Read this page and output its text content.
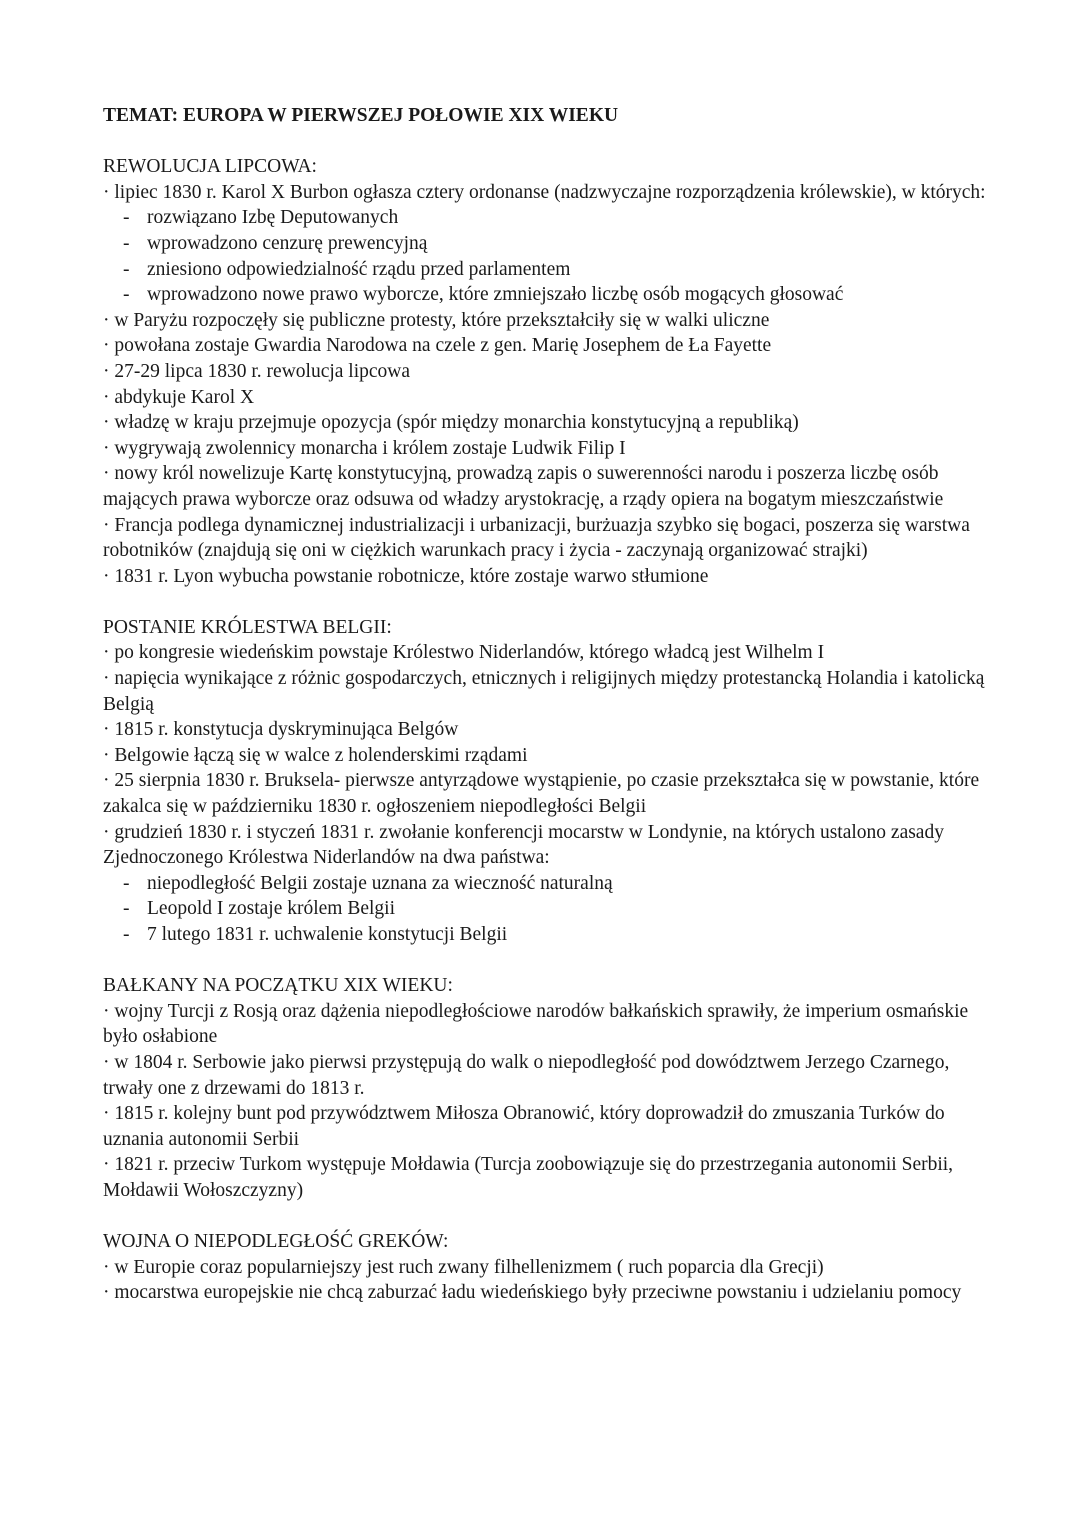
TEMAT: EUROPA W PIERWSZEJ POŁOWIE XIX WIEKU

REWOLUCJA LIPCOWA:

· lipiec 1830 r. Karol X Burbon ogłasza cztery ordonanse (nadzwyczajne rozporządzenia królewskie), w których:

- rozwiązano Izbę Deputowanych

- wprowadzono cenzurę prewencyjną

- zniesiono odpowiedzialność rządu przed parlamentem

- wprowadzono nowe prawo wyborcze, które zmniejszało liczbę osób mogących głosować

· w Paryżu rozpoczęły się publiczne protesty, które przekształciły się w walki uliczne

· powołana zostaje Gwardia Narodowa na czele z gen. Marię Josephem de Ła Fayette

· 27-29 lipca 1830 r. rewolucja lipcowa

· abdykuje Karol X

· władzę w kraju przejmuje opozycja (spór między monarchia konstytucyjną a republiką)

· wygrywają zwolennicy monarcha i królem zostaje Ludwik Filip I

· nowy król nowelizuje Kartę konstytucyjną, prowadzą zapis o suwerenności narodu i poszerza liczbę osób mających prawa wyborcze oraz odsuwa od władzy arystokrację, a rządy opiera na bogatym mieszczaństwie

· Francja podlega dynamicznej industrializacji i urbanizacji, burżuazja szybko się bogaci, poszerza się warstwa robotników (znajdują się oni w ciężkich warunkach pracy i życia - zaczynają organizować strajki)

· 1831 r. Lyon wybucha powstanie robotnicze, które zostaje warwo stłumione

POSTANIE KRÓLESTWA BELGII:

· po kongresie wiedeńskim powstaje Królestwo Niderlandów, którego władcą jest Wilhelm I

· napięcia wynikające z różnic gospodarczych, etnicznych i religijnych między protestancką Holandia i katolicką Belgią

· 1815 r. konstytucja dyskryminująca Belgów

· Belgowie łączą się w walce z holenderskimi rządami

· 25 sierpnia 1830 r. Bruksela- pierwsze antyrządowe wystąpienie, po czasie przekształca się w powstanie, które zakalca się w październiku 1830 r. ogłoszeniem niepodległości Belgii

· grudzień 1830 r. i styczeń 1831 r. zwołanie konferencji mocarstw w Londynie, na których ustalono zasady Zjednoczonego Królestwa Niderlandów na dwa państwa:

- niepodległość Belgii zostaje uznana za wieczność naturalną

- Leopold I zostaje królem Belgii

- 7 lutego 1831 r. uchwalenie konstytucji Belgii

BAŁKANY NA POCZĄTKU XIX WIEKU:

· wojny Turcji z Rosją oraz dążenia niepodległościowe narodów bałkańskich sprawiły, że imperium osmańskie było osłabione

· w 1804 r. Serbowie jako pierwsi przystępują do walk o niepodległość pod dowództwem Jerzego Czarnego, trwały one z drzewami do 1813 r.

· 1815 r. kolejny bunt pod przywództwem Miłosza Obranowić, który doprowadził do zmuszania Turków do uznania autonomii Serbii

· 1821 r. przeciw Turkom występuje Mołdawia (Turcja zoobowiązuje się do przestrzegania autonomii Serbii, Mołdawii Wołoszczyzny)

WOJNA O NIEPODLEGŁOŚĆ GREKÓW:

· w Europie coraz popularniejszy jest ruch zwany filhellenizmem ( ruch poparcia dla Grecji)

· mocarstwa europejskie nie chcą zaburzać ładu wiedeńskiego były przeciwne powstaniu i udzielaniu pomocy
